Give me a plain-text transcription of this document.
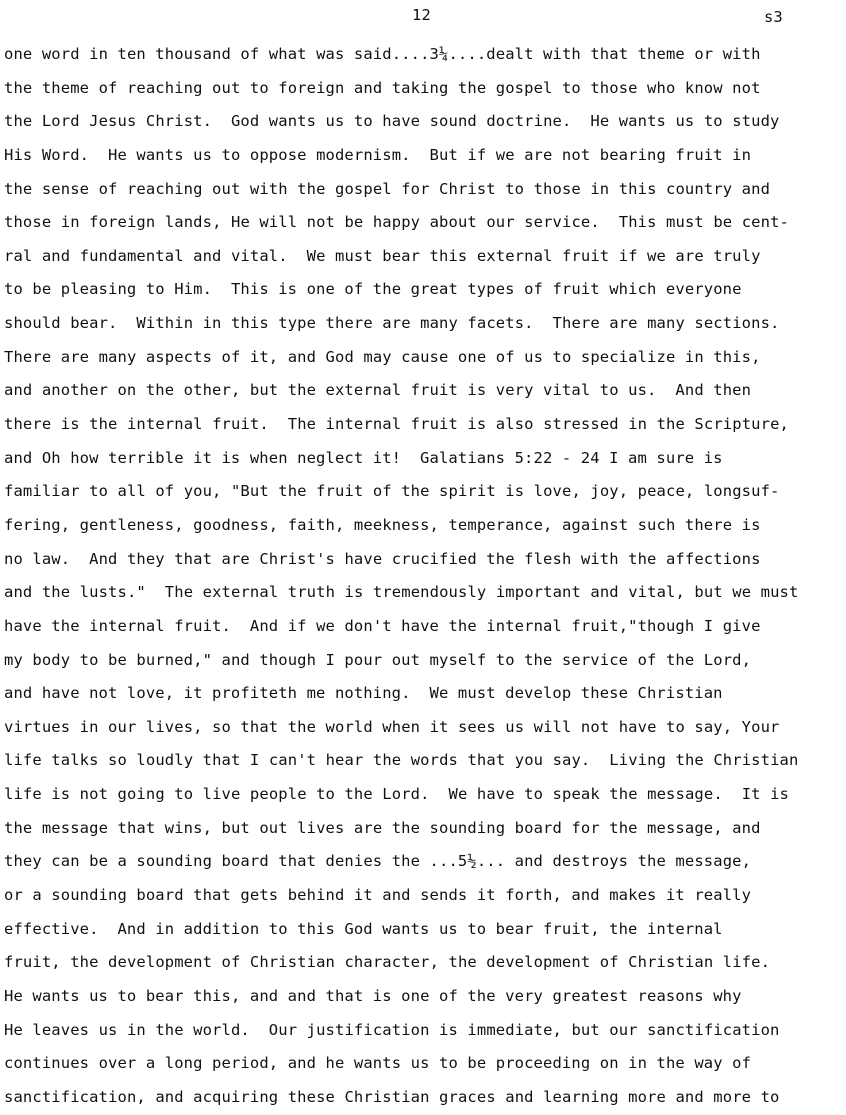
12	s3
one word in ten thousand of what was said....3¼....dealt with that theme or with
the theme of reaching out to foreign and taking the gospel to those who know not
the Lord Jesus Christ.  God wants us to have sound doctrine.  He wants us to study
His Word.  He wants us to oppose modernism.  But if we are not bearing fruit in
the sense of reaching out with the gospel for Christ to those in this country and
those in foreign lands, He will not be happy about our service.  This must be cent-
ral and fundamental and vital.  We must bear this external fruit if we are truly
to be pleasing to Him.  This is one of the great types of fruit which everyone
should bear.  Within in this type there are many facets.  There are many sections.
There are many aspects of it, and God may cause one of us to specialize in this,
and another on the other, but the external fruit is very vital to us.  And then
there is the internal fruit.  The internal fruit is also stressed in the Scripture,
and Oh how terrible it is when neglect it!  Galatians 5:22 - 24 I am sure is
familiar to all of you, "But the fruit of the spirit is love, joy, peace, longsuf-
fering, gentleness, goodness, faith, meekness, temperance, against such there is
no law.  And they that are Christ's have crucified the flesh with the affections
and the lusts."  The external truth is tremendously important and vital, but we must
have the internal fruit.  And if we don't have the internal fruit,"though I give
my body to be burned," and though I pour out myself to the service of the Lord,
and have not love, it profiteth me nothing.  We must develop these Christian
virtues in our lives, so that the world when it sees us will not have to say, Your
life talks so loudly that I can't hear the words that you say.  Living the Christian
life is not going to live people to the Lord.  We have to speak the message.  It is
the message that wins, but out lives are the sounding board for the message, and
they can be a sounding board that denies the ...5½... and destroys the message,
or a sounding board that gets behind it and sends it forth, and makes it really
effective.  And in addition to this God wants us to bear fruit, the internal
fruit, the development of Christian character, the development of Christian life.
He wants us to bear this, and and that is one of the very greatest reasons why
He leaves us in the world.  Our justification is immediate, but our sanctification
continues over a long period, and he wants us to be proceeding on in the way of
sanctification, and acquiring these Christian graces and learning more and more to
